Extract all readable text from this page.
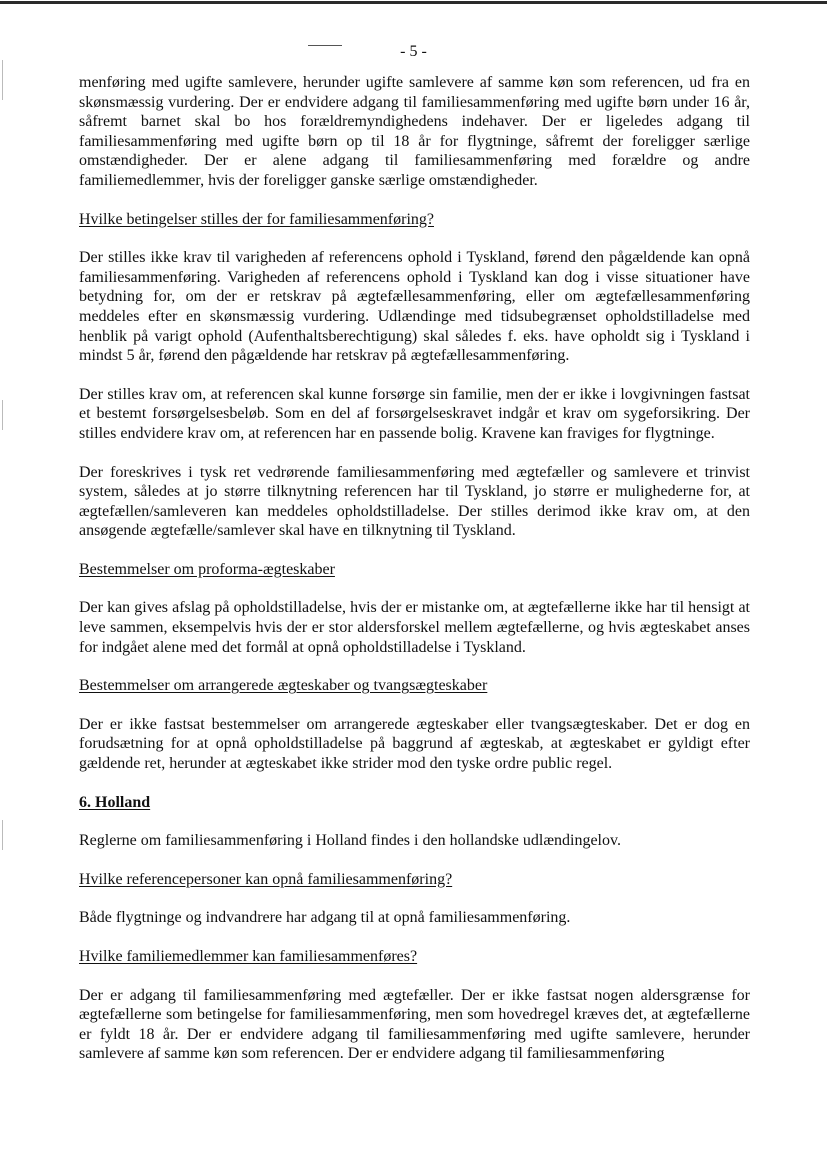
- 5 -

menføring med ugifte samlevere, herunder ugifte samlevere af samme køn som referencen, ud fra en skønsmæssig vurdering. Der er endvidere adgang til familiesammenføring med ugifte børn under 16 år, såfremt barnet skal bo hos forældremyndighedens indehaver. Der er ligeledes adgang til familiesammenføring med ugifte børn op til 18 år for flygtninge, såfremt der foreligger særlige omstændigheder. Der er alene adgang til familiesammenføring med forældre og andre familiemedlemmer, hvis der foreligger ganske særlige omstændigheder.

Hvilke betingelser stilles der for familiesammenføring?

Der stilles ikke krav til varigheden af referencens ophold i Tyskland, førend den pågældende kan opnå familiesammenføring. Varigheden af referencens ophold i Tyskland kan dog i visse situationer have betydning for, om der er retskrav på ægtefællesammenføring, eller om ægtefællesammenføring meddeles efter en skønsmæssig vurdering. Udlændinge med tidsubegrænset opholdstilladelse med henblik på varigt ophold (Aufenthaltsberechtigung) skal således f. eks. have opholdt sig i Tyskland i mindst 5 år, førend den pågældende har retskrav på ægtefællesammenføring.

Der stilles krav om, at referencen skal kunne forsørge sin familie, men der er ikke i lovgivningen fastsat et bestemt forsørgelsesbeløb. Som en del af forsørgelseskravet indgår et krav om sygeforsikring. Der stilles endvidere krav om, at referencen har en passende bolig. Kravene kan fraviges for flygtninge.

Der foreskrives i tysk ret vedrørende familiesammenføring med ægtefæller og samlevere et trinvist system, således at jo større tilknytning referencen har til Tyskland, jo større er mulighederne for, at ægtefællen/samleveren kan meddeles opholdstilladelse. Der stilles derimod ikke krav om, at den ansøgende ægtefælle/samlever skal have en tilknytning til Tyskland.

Bestemmelser om proforma-ægteskaber

Der kan gives afslag på opholdstilladelse, hvis der er mistanke om, at ægtefællerne ikke har til hensigt at leve sammen, eksempelvis hvis der er stor aldersforskel mellem ægtefællerne, og hvis ægteskabet anses for indgået alene med det formål at opnå opholdstilladelse i Tyskland.

Bestemmelser om arrangerede ægteskaber og tvangsægteskaber

Der er ikke fastsat bestemmelser om arrangerede ægteskaber eller tvangsægteskaber. Det er dog en forudsætning for at opnå opholdstilladelse på baggrund af ægteskab, at ægteskabet er gyldigt efter gældende ret, herunder at ægteskabet ikke strider mod den tyske ordre public regel.

6. Holland

Reglerne om familiesammenføring i Holland findes i den hollandske udlændingelov.

Hvilke referencepersoner kan opnå familiesammenføring?

Både flygtninge og indvandrere har adgang til at opnå familiesammenføring.

Hvilke familiemedlemmer kan familiesammenføres?

Der er adgang til familiesammenføring med ægtefæller. Der er ikke fastsat nogen aldersgrænse for ægtefællerne som betingelse for familiesammenføring, men som hovedregel kræves det, at ægtefællerne er fyldt 18 år. Der er endvidere adgang til familiesammenføring med ugifte samlevere, herunder samlevere af samme køn som referencen. Der er endvidere adgang til familiesammenføring
